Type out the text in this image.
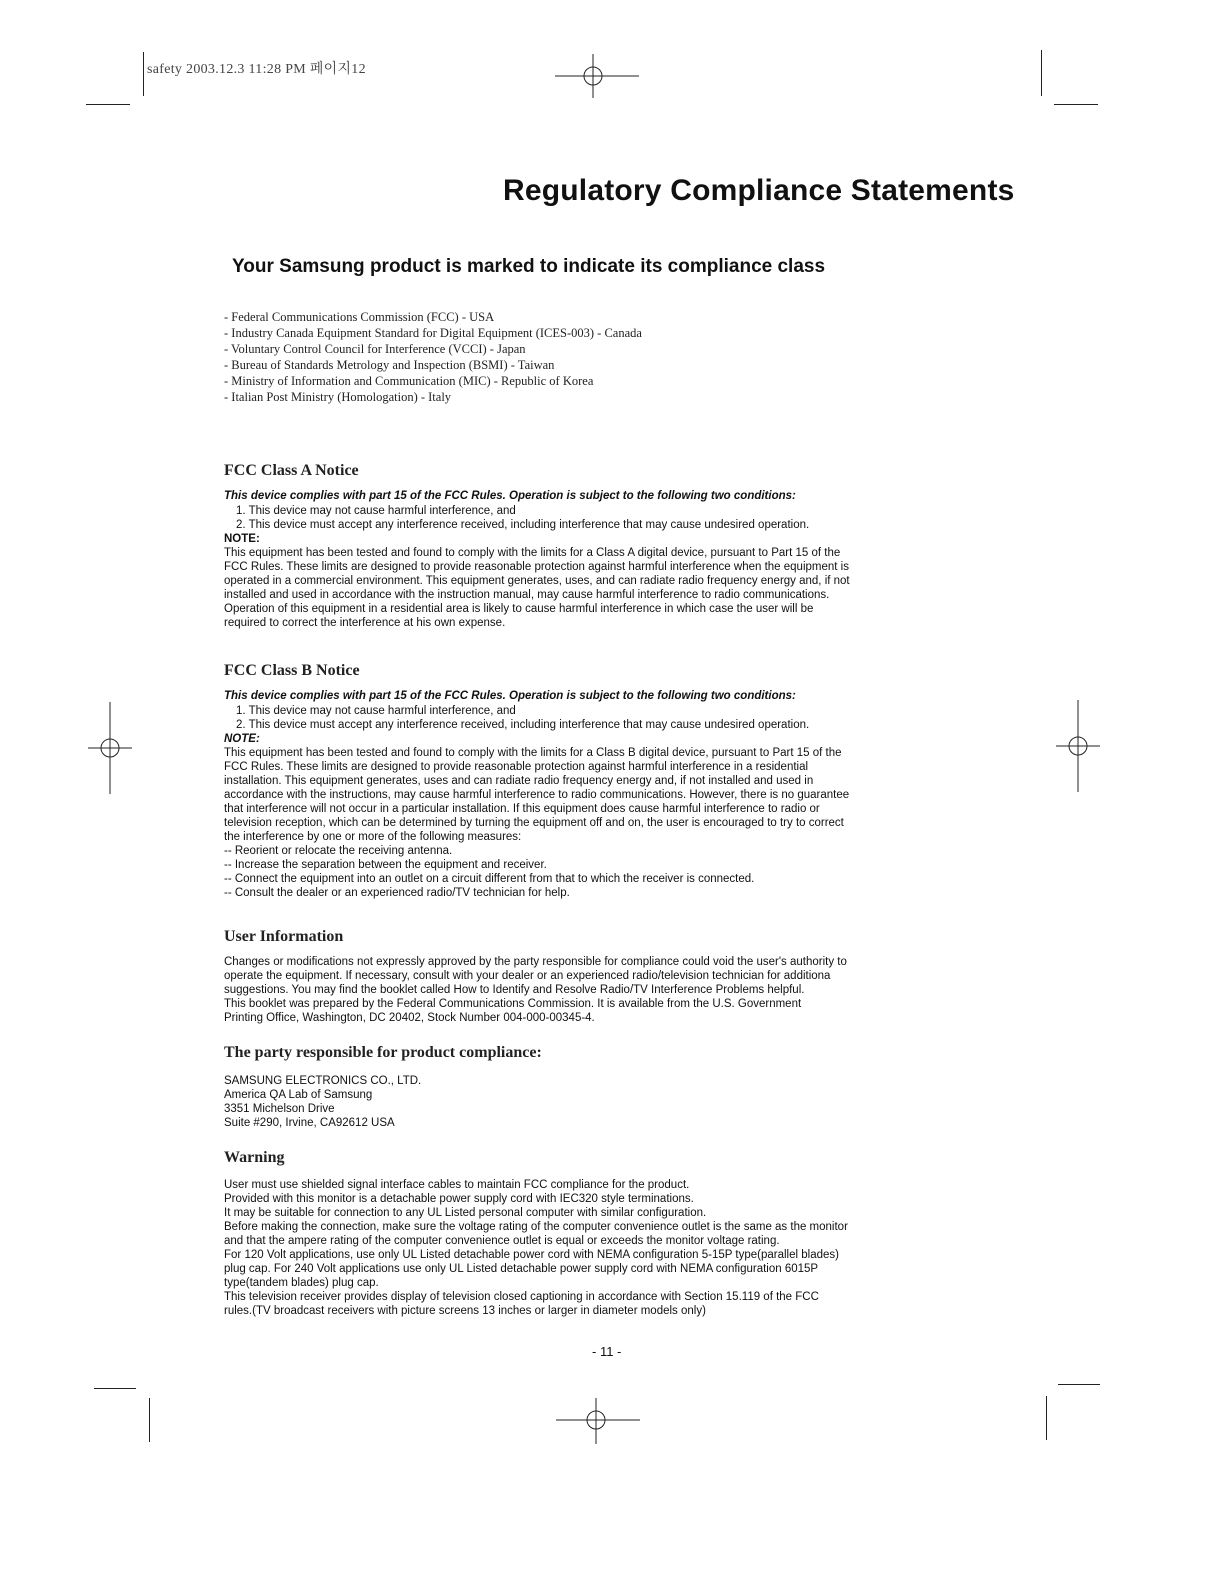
safety 2003.12.3 11:28 PM 페이지12
Regulatory Compliance Statements
Your Samsung product is marked to indicate its compliance class
- Federal Communications Commission (FCC) - USA
- Industry Canada Equipment Standard for Digital Equipment (ICES-003) - Canada
- Voluntary Control Council for Interference (VCCI) - Japan
- Bureau of Standards Metrology and Inspection (BSMI) - Taiwan
- Ministry of Information and Communication (MIC) - Republic of Korea
- Italian Post Ministry (Homologation) - Italy
FCC Class A Notice
This device complies with part 15 of the FCC Rules. Operation is subject to the following two conditions:
1. This device may not cause harmful interference, and
2. This device must accept any interference received, including interference that may cause undesired operation.
NOTE:
This equipment has been tested and found to comply with the limits for a Class A digital device, pursuant to Part 15 of the
FCC Rules. These limits are designed to provide reasonable protection against harmful interference when the equipment is
operated in a commercial environment. This equipment generates, uses, and can radiate radio frequency energy and, if not
installed and used in accordance with the instruction manual, may cause harmful interference to radio communications.
Operation of this equipment in a residential area is likely to cause harmful interference in which case the user will be
required to correct the interference at his own expense.
FCC Class B Notice
This device complies with part 15 of the FCC Rules. Operation is subject to the following two conditions:
1. This device may not cause harmful interference, and
2. This device must accept any interference received, including interference that may cause undesired operation.
NOTE:
This equipment has been tested and found to comply with the limits for a Class B digital device, pursuant to Part 15 of the
FCC Rules. These limits are designed to provide reasonable protection against harmful interference in a residential
installation. This equipment generates, uses and can radiate radio frequency energy and, if not installed and used in
accordance with the instructions, may cause harmful interference to radio communications. However, there is no guarantee
that interference will not occur in a particular installation. If this equipment does cause harmful interference to radio or
television reception, which can be determined by turning the equipment off and on, the user is encouraged to try to correct
the interference by one or more of the following measures:
-- Reorient or relocate the receiving antenna.
-- Increase the separation between the equipment and receiver.
-- Connect the equipment into an outlet on a circuit different from that to which the receiver is connected.
-- Consult the dealer or an experienced radio/TV technician for help.
User Information
Changes or modifications not expressly approved by the party responsible for compliance could void the user's authority to
operate the equipment. If necessary, consult with your dealer or an experienced radio/television technician for additiona
suggestions. You may find the booklet called How to Identify and Resolve Radio/TV Interference Problems helpful.
This booklet was prepared by the Federal Communications Commission. It is available from the U.S. Government
Printing Office, Washington, DC 20402, Stock Number 004-000-00345-4.
The party responsible for product compliance:
SAMSUNG ELECTRONICS CO., LTD.
America QA Lab of Samsung
3351 Michelson Drive
Suite #290, Irvine, CA92612 USA
Warning
User must use shielded signal interface cables to maintain FCC compliance for the product.
Provided with this monitor is a detachable power supply cord with IEC320 style terminations.
It may be suitable for connection to any UL Listed personal computer with similar configuration.
Before making the connection, make sure the voltage rating of the computer convenience outlet is the same as the monitor
and that the ampere rating of the computer convenience outlet is equal or exceeds the monitor voltage rating.
For 120 Volt applications, use only UL Listed detachable power cord with NEMA configuration 5-15P type(parallel blades)
plug cap. For 240 Volt applications use only UL Listed detachable power supply cord with NEMA configuration 6015P
type(tandem blades) plug cap.
This television receiver provides display of television closed captioning in accordance with Section 15.119 of the FCC
rules.(TV broadcast receivers with picture screens 13 inches or larger in diameter models only)
- 11 -
